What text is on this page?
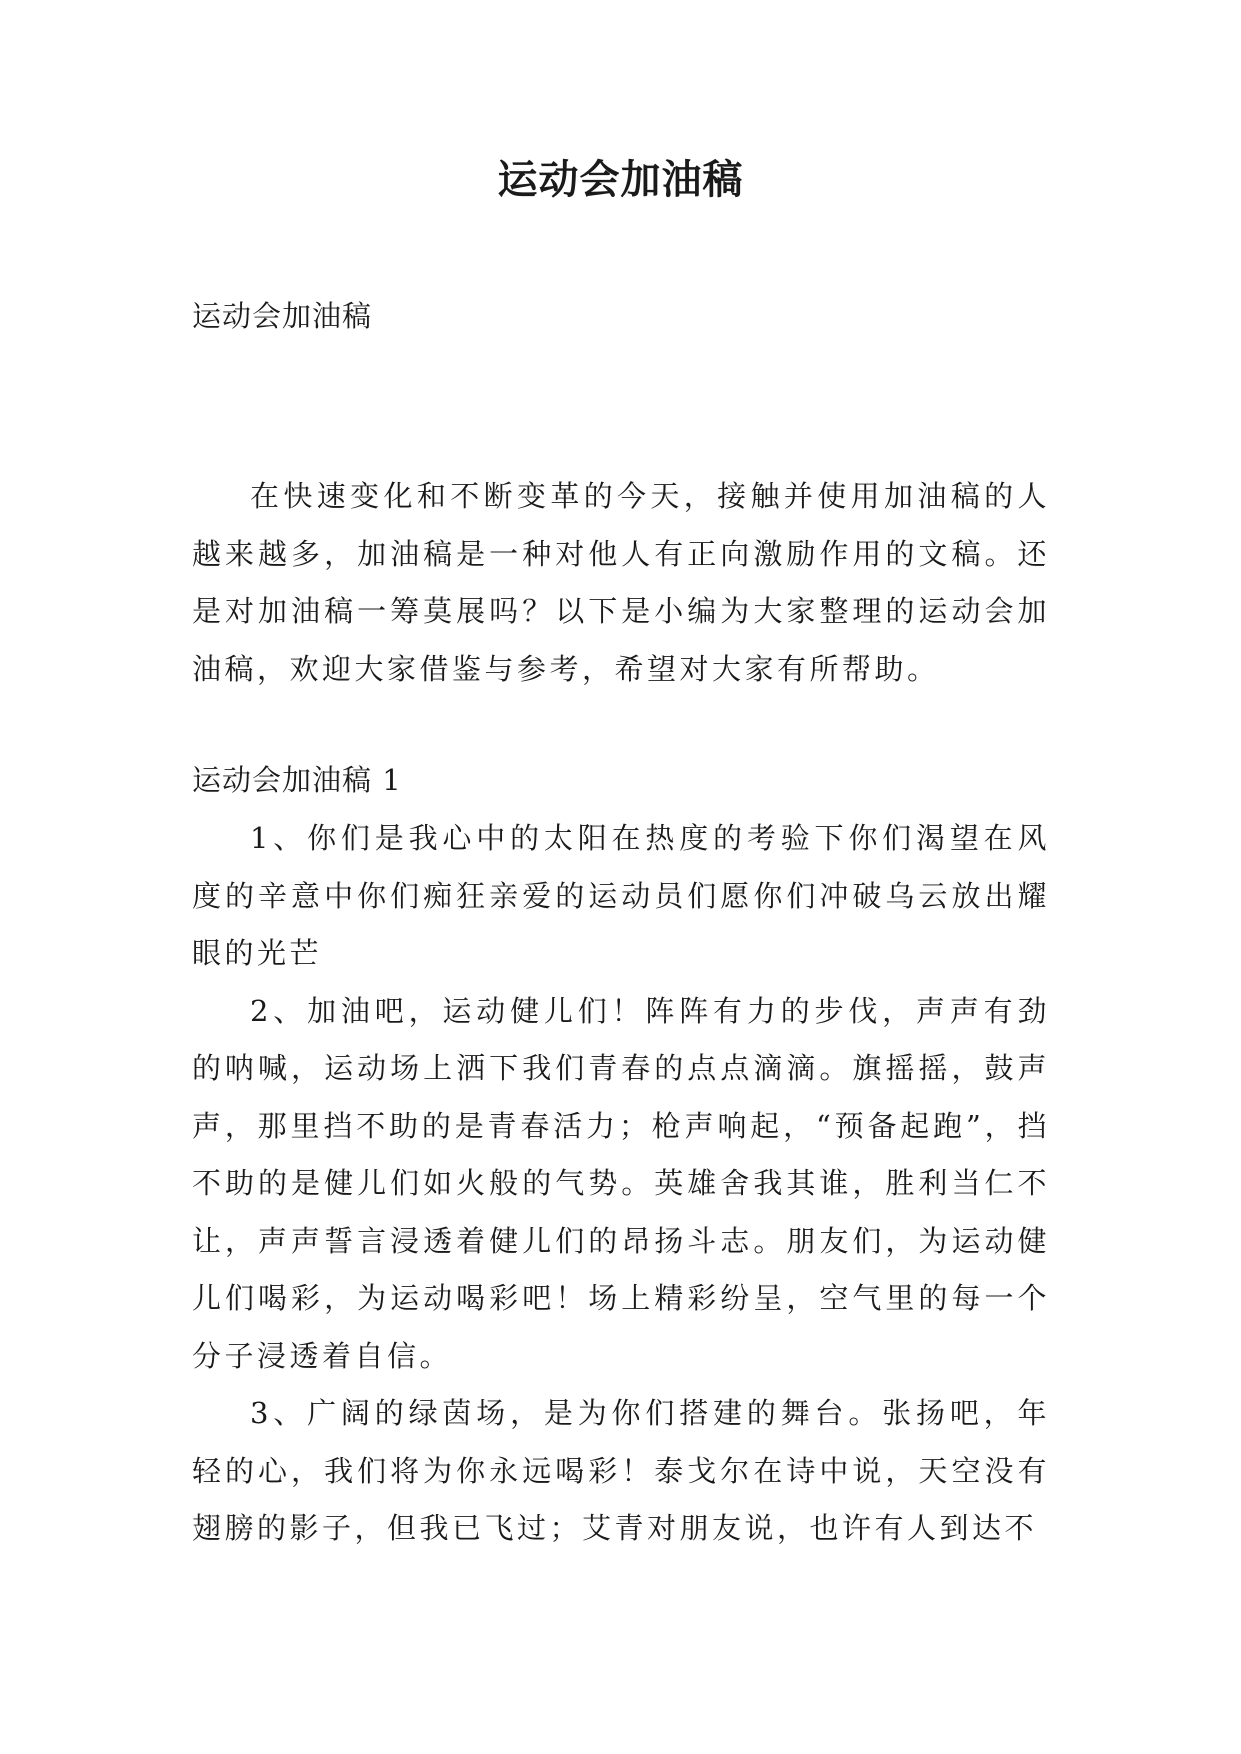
运动会加油稿

运动会加油稿

在快速变化和不断变革的今天，接触并使用加油稿的人越来越多，加油稿是一种对他人有正向激励作用的文稿。还是对加油稿一筹莫展吗？以下是小编为大家整理的运动会加油稿，欢迎大家借鉴与参考，希望对大家有所帮助。

运动会加油稿 1

1、你们是我心中的太阳在热度的考验下你们渴望在风度的辛意中你们痴狂亲爱的运动员们愿你们冲破乌云放出耀眼的光芒

2、加油吧，运动健儿们！阵阵有力的步伐，声声有劲的呐喊，运动场上洒下我们青春的点点滴滴。旗摇摇，鼓声声，那里挡不助的是青春活力；枪声响起，“预备起跑”，挡不助的是健儿们如火般的气势。英雄舍我其谁，胜利当仁不让，声声誓言浸透着健儿们的昂扬斗志。朋友们，为运动健儿们喝彩，为运动喝彩吧！场上精彩纷呈，空气里的每一个分子浸透着自信。

3、广阔的绿茵场，是为你们搭建的舞台。张扬吧，年轻的心，我们将为你永远喝彩！泰戈尔在诗中说，天空没有翅膀的影子，但我已飞过；艾青对朋友说，也许有人到达不
